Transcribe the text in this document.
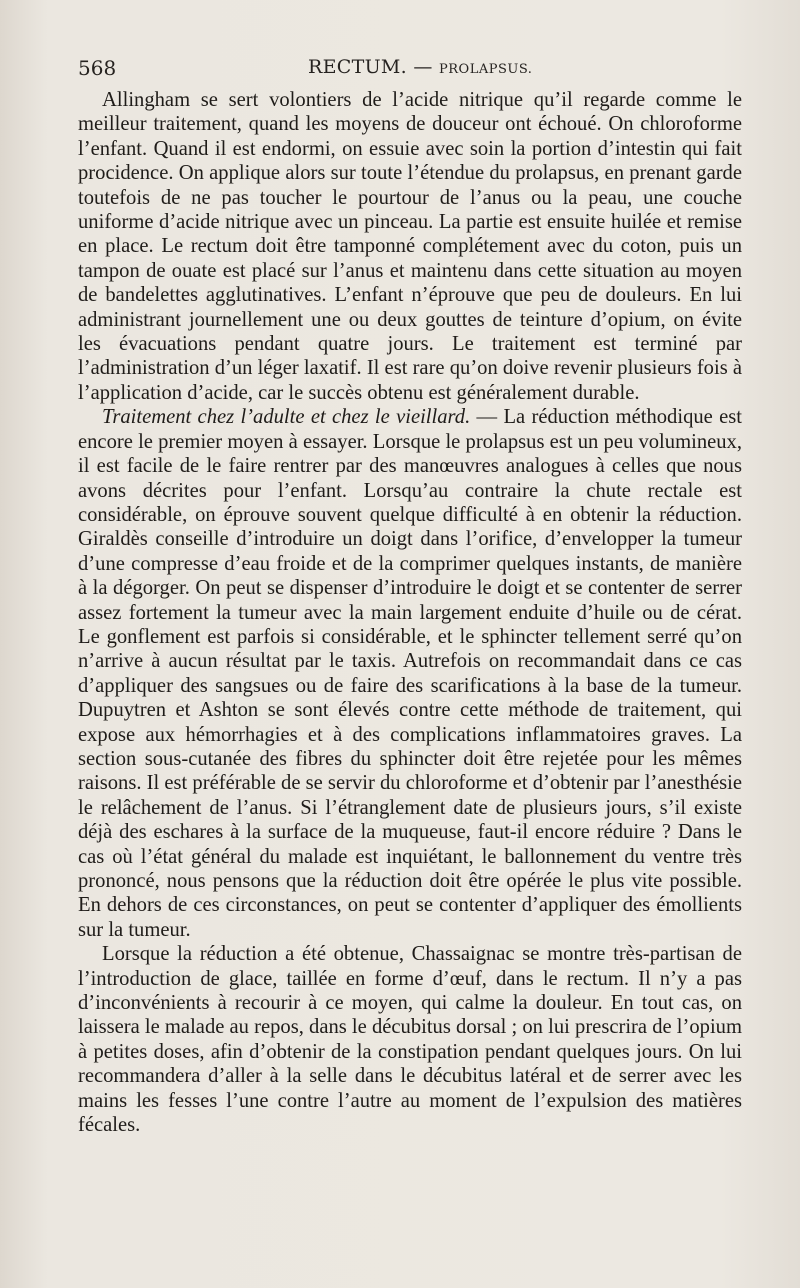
568	RECTUM. — PROLAPSUS.

Allingham se sert volontiers de l’acide nitrique qu’il regarde comme le meilleur traitement, quand les moyens de douceur ont échoué. On chloroforme l’enfant. Quand il est endormi, on essuie avec soin la portion d’intestin qui fait procidence. On applique alors sur toute l’étendue du prolapsus, en prenant garde toutefois de ne pas toucher le pourtour de l’anus ou la peau, une couche uniforme d’acide nitrique avec un pinceau. La partie est ensuite huilée et remise en place. Le rectum doit être tamponné complétement avec du coton, puis un tampon de ouate est placé sur l’anus et maintenu dans cette situation au moyen de bandelettes agglutinatives. L’enfant n’éprouve que peu de douleurs. En lui administrant journellement une ou deux gouttes de teinture d’opium, on évite les évacuations pendant quatre jours. Le traitement est terminé par l’administration d’un léger laxatif. Il est rare qu’on doive revenir plusieurs fois à l’application d’acide, car le succès obtenu est généralement durable.

Traitement chez l’adulte et chez le vieillard. — La réduction méthodique est encore le premier moyen à essayer. Lorsque le prolapsus est un peu volumineux, il est facile de le faire rentrer par des manœuvres analogues à celles que nous avons décrites pour l’enfant. Lorsqu’au contraire la chute rectale est considérable, on éprouve souvent quelque difficulté à en obtenir la réduction. Giraldès conseille d’introduire un doigt dans l’orifice, d’envelopper la tumeur d’une compresse d’eau froide et de la comprimer quelques instants, de manière à la dégorger. On peut se dispenser d’introduire le doigt et se contenter de serrer assez fortement la tumeur avec la main largement enduite d’huile ou de cérat. Le gonflement est parfois si considérable, et le sphincter tellement serré qu’on n’arrive à aucun résultat par le taxis. Autrefois on recommandait dans ce cas d’appliquer des sangsues ou de faire des scarifications à la base de la tumeur. Dupuytren et Ashton se sont élevés contre cette méthode de traitement, qui expose aux hémorrhagies et à des complications inflammatoires graves. La section sous-cutanée des fibres du sphincter doit être rejetée pour les mêmes raisons. Il est préférable de se servir du chloroforme et d’obtenir par l’anesthésie le relâchement de l’anus. Si l’étranglement date de plusieurs jours, s’il existe déjà des eschares à la surface de la muqueuse, faut-il encore réduire ? Dans le cas où l’état général du malade est inquiétant, le ballonnement du ventre très prononcé, nous pensons que la réduction doit être opérée le plus vite possible. En dehors de ces circonstances, on peut se contenter d’appliquer des émollients sur la tumeur.

Lorsque la réduction a été obtenue, Chassaignac se montre très-partisan de l’introduction de glace, taillée en forme d’œuf, dans le rectum. Il n’y a pas d’inconvénients à recourir à ce moyen, qui calme la douleur. En tout cas, on laissera le malade au repos, dans le décubitus dorsal ; on lui prescrira de l’opium à petites doses, afin d’obtenir de la constipation pendant quelques jours. On lui recommandera d’aller à la selle dans le décubitus latéral et de serrer avec les mains les fesses l’une contre l’autre au moment de l’expulsion des matières fécales.
